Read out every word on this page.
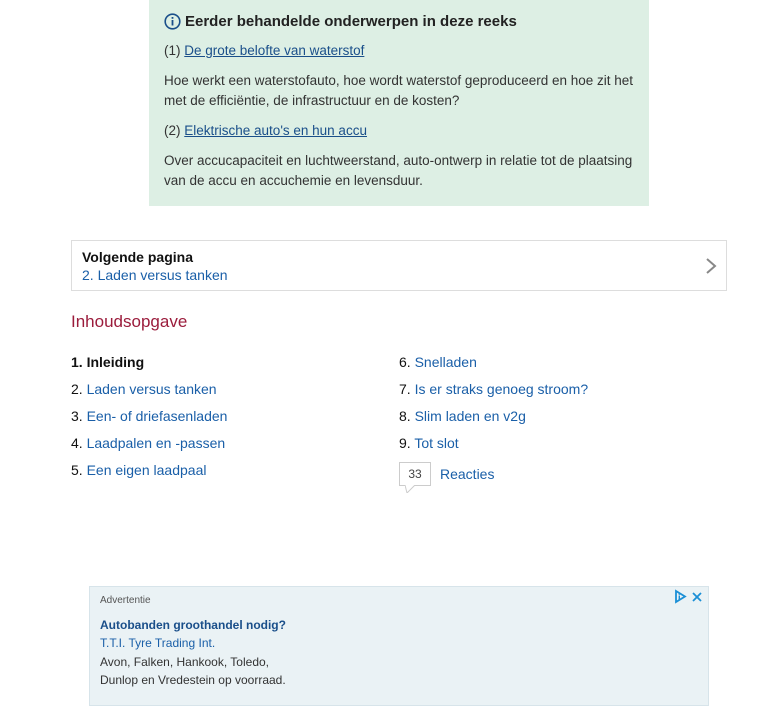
Eerder behandelde onderwerpen in deze reeks
(1) De grote belofte van waterstof
Hoe werkt een waterstofauto, hoe wordt waterstof geproduceerd en hoe zit het met de efficiëntie, de infrastructuur en de kosten?
(2) Elektrische auto's en hun accu
Over accucapaciteit en luchtweerstand, auto-ontwerp in relatie tot de plaatsing van de accu en accuchemie en levensduur.
Volgende pagina
2. Laden versus tanken
Inhoudsopgave
1. Inleiding
2. Laden versus tanken
3. Een- of driefasenladen
4. Laadpalen en -passen
5. Een eigen laadpaal
6. Snelladen
7. Is er straks genoeg stroom?
8. Slim laden en v2g
9. Tot slot
33 Reacties
Advertentie
Autobanden groothandel nodig?
T.T.I. Tyre Trading Int.
Avon, Falken, Hankook, Toledo,
Dunlop en Vredestein op voorraad.
